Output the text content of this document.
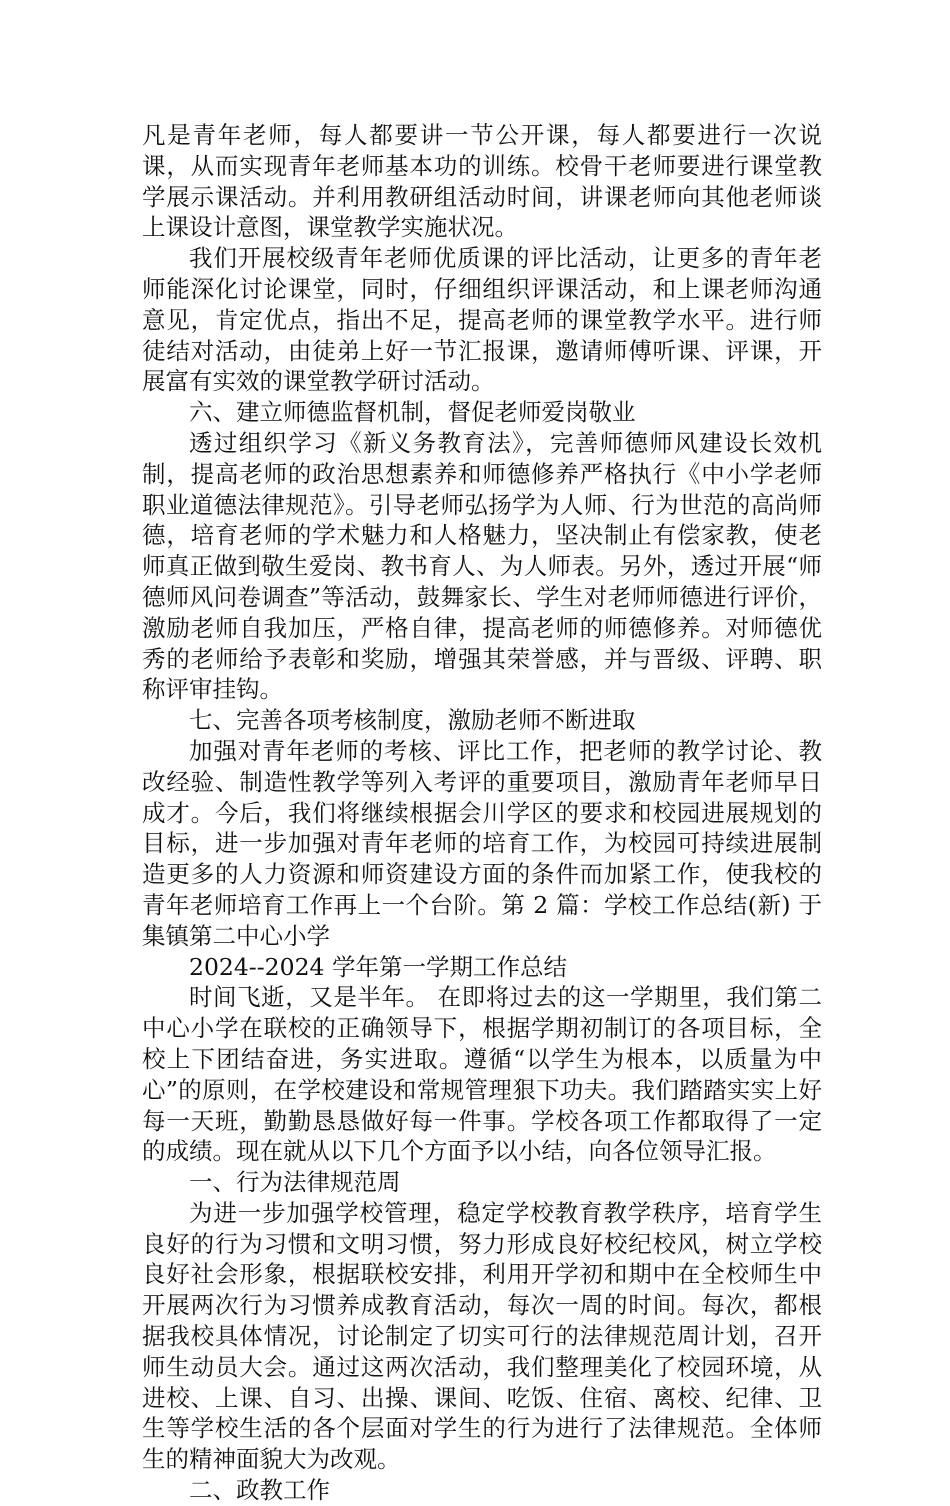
凡是青年老师，每人都要讲一节公开课，每人都要进行一次说课，从而实现青年老师基本功的训练。校骨干老师要进行课堂教学展示课活动。并利用教研组活动时间，讲课老师向其他老师谈上课设计意图，课堂教学实施状况。

我们开展校级青年老师优质课的评比活动，让更多的青年老师能深化讨论课堂，同时，仔细组织评课活动，和上课老师沟通意见，肯定优点，指出不足，提高老师的课堂教学水平。进行师徒结对活动，由徒弟上好一节汇报课，邀请师傅听课、评课，开展富有实效的课堂教学研讨活动。

六、建立师德监督机制，督促老师爱岗敬业

透过组织学习《新义务教育法》，完善师德师风建设长效机制，提高老师的政治思想素养和师德修养严格执行《中小学老师职业道德法律规范》。引导老师弘扬学为人师、行为世范的高尚师德，培育老师的学术魅力和人格魅力，坚决制止有偿家教，使老师真正做到敬生爱岗、教书育人、为人师表。另外，透过开展“师德师风问卷调查”等活动，鼓舞家长、学生对老师师德进行评价，激励老师自我加压，严格自律，提高老师的师德修养。对师德优秀的老师给予表彰和奖励，增强其荣誉感，并与晋级、评聘、职称评审挂钩。

七、完善各项考核制度，激励老师不断进取

加强对青年老师的考核、评比工作，把老师的教学讨论、教改经验、制造性教学等列入考评的重要项目，激励青年老师早日成才。今后，我们将继续根据会川学区的要求和校园进展规划的目标，进一步加强对青年老师的培育工作，为校园可持续进展制造更多的人力资源和师资建设方面的条件而加紧工作，使我校的青年老师培育工作再上一个台阶。第 2 篇：学校工作总结(新) 于集镇第二中心小学

2024--2024 学年第一学期工作总结

时间飞逝，又是半年。 在即将过去的这一学期里，我们第二中心小学在联校的正确领导下，根据学期初制订的各项目标，全校上下团结奋进，务实进取。遵循“以学生为根本，以质量为中心”的原则，在学校建设和常规管理狠下功夫。我们踏踏实实上好每一天班，勤勤恳恳做好每一件事。学校各项工作都取得了一定的成绩。现在就从以下几个方面予以小结，向各位领导汇报。

一、行为法律规范周

为进一步加强学校管理，稳定学校教育教学秩序，培育学生良好的行为习惯和文明习惯，努力形成良好校纪校风，树立学校良好社会形象，根据联校安排，利用开学初和期中在全校师生中开展两次行为习惯养成教育活动，每次一周的时间。每次，都根据我校具体情况，讨论制定了切实可行的法律规范周计划，召开师生动员大会。通过这两次活动，我们整理美化了校园环境，从进校、上课、自习、出操、课间、吃饭、住宿、离校、纪律、卫生等学校生活的各个层面对学生的行为进行了法律规范。全体师生的精神面貌大为改观。

二、政教工作
